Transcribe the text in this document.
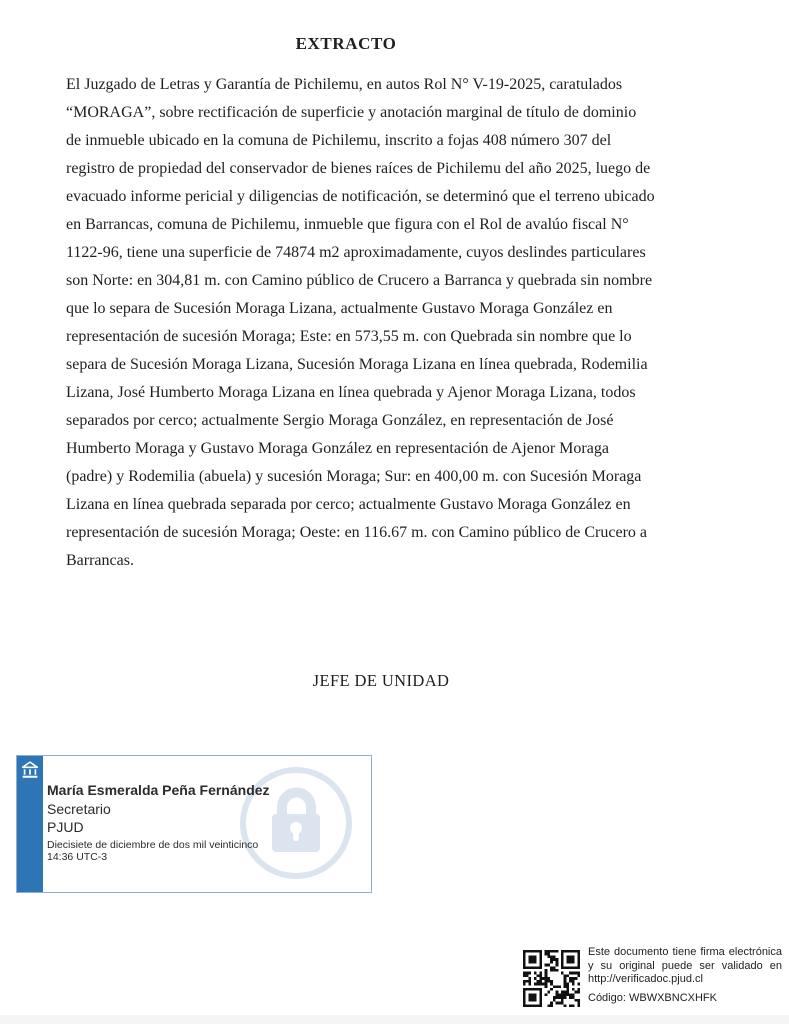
EXTRACTO
El Juzgado de Letras y Garantía de Pichilemu, en autos Rol N° V-19-2025, caratulados
“MORAGA”, sobre rectificación de superficie y anotación marginal de título de dominio
de inmueble ubicado en la comuna de Pichilemu, inscrito a fojas 408 número 307 del
registro de propiedad del conservador de bienes raíces de Pichilemu del año 2025, luego de
evacuado informe pericial y diligencias de notificación, se determinó que el terreno ubicado
en Barrancas, comuna de Pichilemu, inmueble que figura con el Rol de avalúo fiscal N°
1122-96, tiene una superficie de 74874 m2 aproximadamente, cuyos deslindes particulares
son Norte: en 304,81 m. con Camino público de Crucero a Barranca y quebrada sin nombre
que lo separa de Sucesión Moraga Lizana, actualmente Gustavo Moraga González en
representación de sucesión Moraga; Este: en 573,55 m. con Quebrada sin nombre que lo
separa de Sucesión Moraga Lizana, Sucesión Moraga Lizana en línea quebrada, Rodemilia
Lizana, José Humberto Moraga Lizana en línea quebrada y Ajenor Moraga Lizana, todos
separados por cerco; actualmente Sergio Moraga González, en representación de José
Humberto Moraga y Gustavo Moraga González en representación de Ajenor Moraga
(padre) y Rodemilia (abuela) y sucesión Moraga; Sur: en 400,00 m. con Sucesión Moraga
Lizana en línea quebrada separada por cerco; actualmente Gustavo Moraga González en
representación de sucesión Moraga; Oeste: en 116.67 m. con Camino público de Crucero a
Barrancas.
JEFE DE UNIDAD
María Esmeralda Peña Fernández
Secretario
PJUD
Diecisiete de diciembre de dos mil veinticinco
14:36 UTC-3
Este documento tiene firma electrónica
y su original puede ser validado en
http://verificadoc.pjud.cl
Código: WBWXBNCXHFK
